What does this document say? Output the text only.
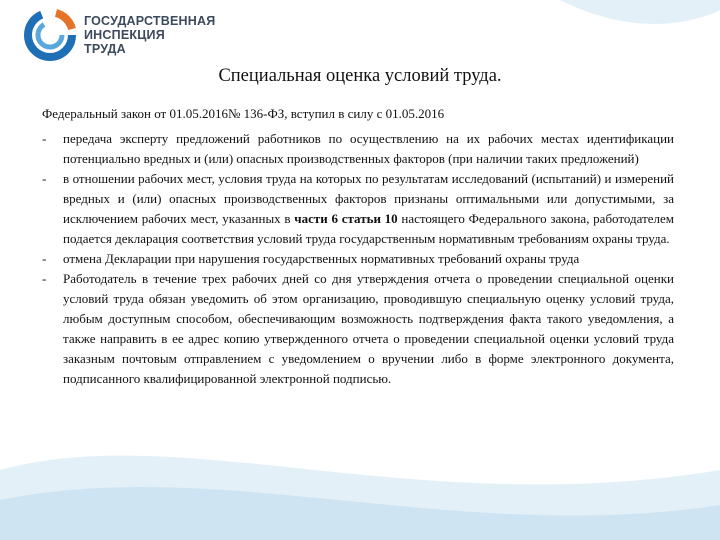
ГОСУДАРСТВЕННАЯ
ИНСПЕКЦИЯ
ТРУДА
Специальная оценка условий труда.

Федеральный закон от 01.05.2016№ 136-ФЗ, вступил в силу с 01.05.2016

- передача эксперту предложений работников по осуществлению на их рабочих местах идентификации потенциально вредных и (или) опасных производственных факторов (при наличии таких предложений)

- в отношении рабочих мест, условия труда на которых по результатам исследований (испытаний) и измерений вредных и (или) опасных производственных факторов признаны оптимальными или допустимыми, за исключением рабочих мест, указанных в части 6 статьи 10 настоящего Федерального закона, работодателем подается декларация соответствия условий труда государственным нормативным требованиям охраны труда.

- отмена Декларации при нарушения государственных нормативных требований охраны труда

- Работодатель в течение трех рабочих дней со дня утверждения отчета о проведении специальной оценки условий труда обязан уведомить об этом организацию, проводившую специальную оценку условий труда, любым доступным способом, обеспечивающим возможность подтверждения факта такого уведомления, а также направить в ее адрес копию утвержденного отчета о проведении специальной оценки условий труда заказным почтовым отправлением с уведомлением о вручении либо в форме электронного документа, подписанного квалифицированной электронной подписью.
